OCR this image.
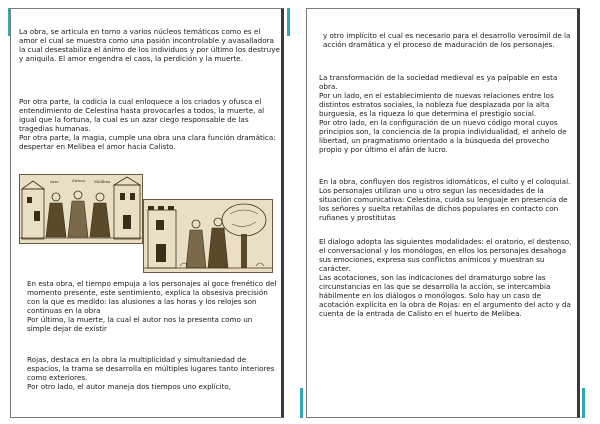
La obra, se articula en torno a varios núcleos temáticos como es el amor el cual se muestra como una pasión incontrolable y avasalladora la cual desestabiliza el ánimo de los individuos y por último los destruye y aniquila. El amor engendra el caos, la perdición y la muerte.
Por otra parte, la codicia la cual enloquece a los criados y ofusca el entendimiento de Celestina hasta provocarles a todos, la muerte, al igual que la fortuna, la cual es un azar ciego responsable de las tragedias humanas.
Por otra parte, la magia, cumple una obra una clara función dramática: despertar en Melibea el amor hacia Calisto.
Ario	Sireno Melibea
En esta obra, el tiempo empuja a los personajes al goce frenético del momento presente, este sentimiento, explica la obsesiva precisión con la que es medido: las alusiones a las horas y los relojes son continuas en la obra
Por último, la muerte, la cual el autor nos la presenta como un simple dejar de existir
Rojas, destaca en la obra la multiplicidad y simultaniedad de espacios, la trama se desarrolla en múltiples lugares tanto interiores como exteriores.
Por otro lado, el autor maneja dos tiempos uno explícito,
y otro implícito el cual es necesario para el desarrollo verosímil de la acción dramática y el proceso de maduración de los personajes.
La transformación de la sociedad medieval es ya palpable en esta obra.
Por un lado, en el establecimiento de nuevas relaciones entre los distintos estratos sociales, la nobleza fue desplazada por la alta burguesía, es la riqueza lo que determina el prestigio social.
Por otro lado, en la configuración de un nuevo código moral cuyos principios son, la conciencia de la propia individualidad, el anhelo de libertad, un pragmatismo orientado a la búsqueda del provecho propio y por último el afán de lucro.
En la obra, confluyen dos registros idiomáticos, el culto y el coloquial. Los personajes utilizan uno u otro segun las necesidades de la situación comunicativa: Celestina, cuida su lenguaje en presencia de los señores y suelta retahílas de dichos populares en contacto con rufianes y prostitutas
El dialogo adopta las siguientes modalidades: el oratorio, el destenso, el conversacional y los monólogos, en ellos los personajes desahoga sus emociones, expresa sus conflictos anímicos y muestran su carácter.
Las acotaciones, son las indicaciones del dramaturgo sobre las circunstancias en las que se desarrolla la acción, se intercambia hábilmente en los diálogos o monólogos. Solo hay un caso de acotación explícita en la obra de Rojas: en el argumento del acto y da cuenta de la entrada de Calisto en el huerto de Melibea.
